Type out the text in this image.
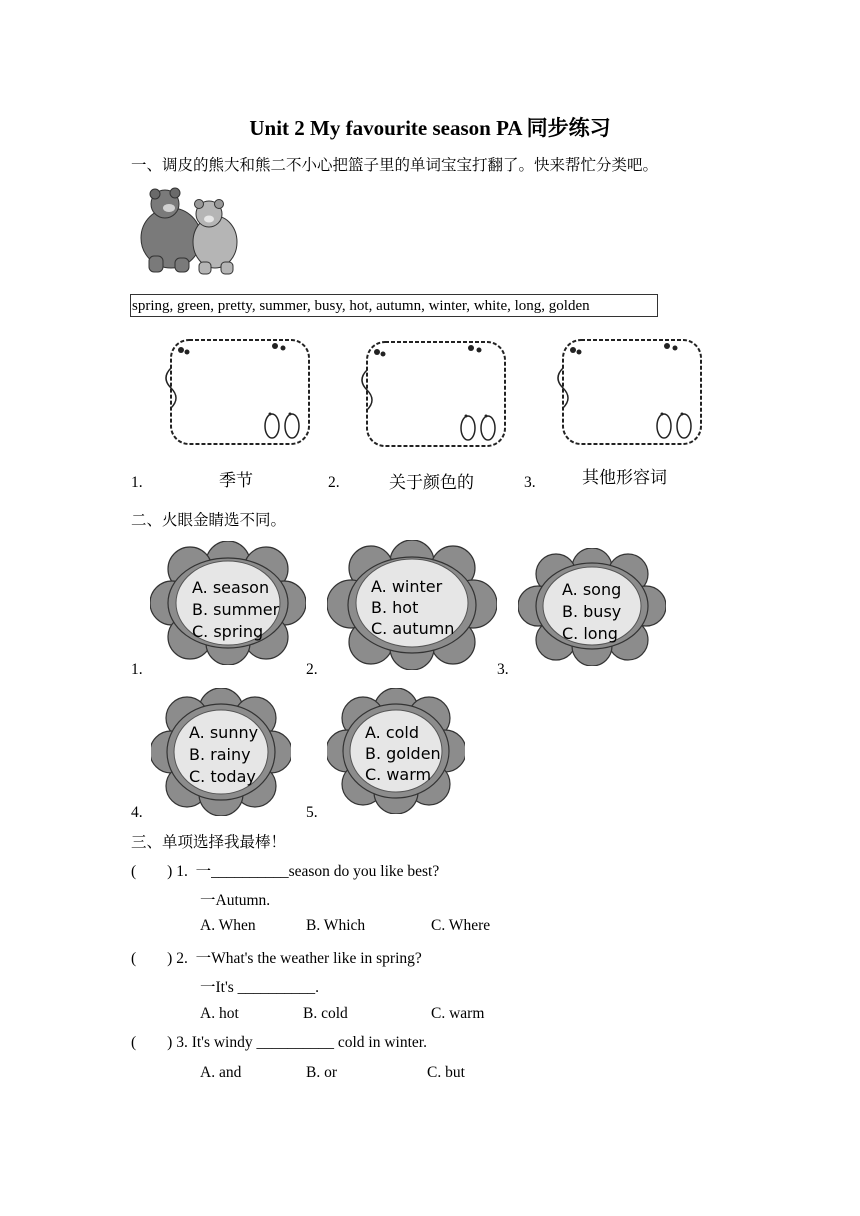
Unit 2 My favourite season PA 同步练习
一、调皮的熊大和熊二不小心把篮子里的单词宝宝打翻了。快来帮忙分类吧。
spring, green, pretty, summer, busy, hot, autumn, winter, white, long, golden
1.	季节	2.	关于颜色的	3.	其他形容词
二、火眼金睛选不同。
A. season
B. summer
C. spring
A. winter
B. hot
C. autumn
A. song
B. busy
C. long
A. sunny
B. rainy
C. today
A. cold
B. golden
C. warm
1.	2.	3.
4.	5.
三、单项选择我最棒！
(        ) 1.  一__________season do you like best?
一Autumn.
A. When	B. Which	C. Where
(        ) 2.  一What's the weather like in spring?
一It's __________.
A. hot	B. cold	C. warm
(        ) 3. It's windy __________ cold in winter.
A. and	B. or	C. but
